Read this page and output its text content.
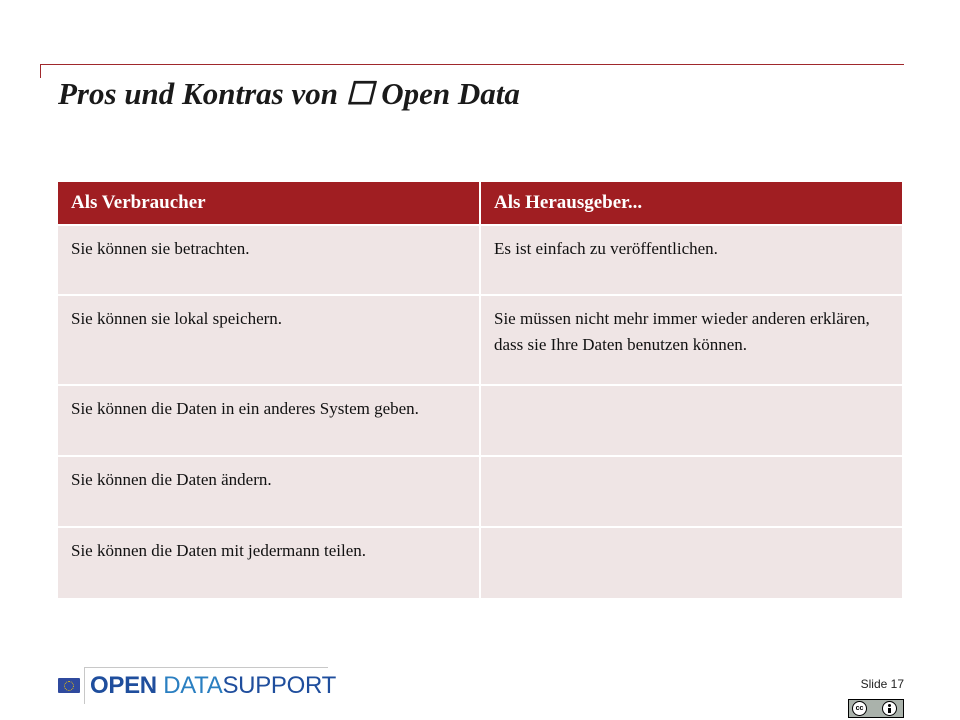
Pros und Kontras von ☐ Open Data
Als Verbraucher	Als Herausgeber...
Sie können sie betrachten.	Es ist einfach zu veröffentlichen.
Sie können sie lokal speichern.	Sie müssen nicht mehr immer wieder anderen erklären, dass sie Ihre Daten benutzen können.
Sie können die Daten in ein anderes System geben.	
Sie können die Daten ändern.	
Sie können die Daten mit jedermann teilen.	
OPEN DATASUPPORT	Slide 17
cc
